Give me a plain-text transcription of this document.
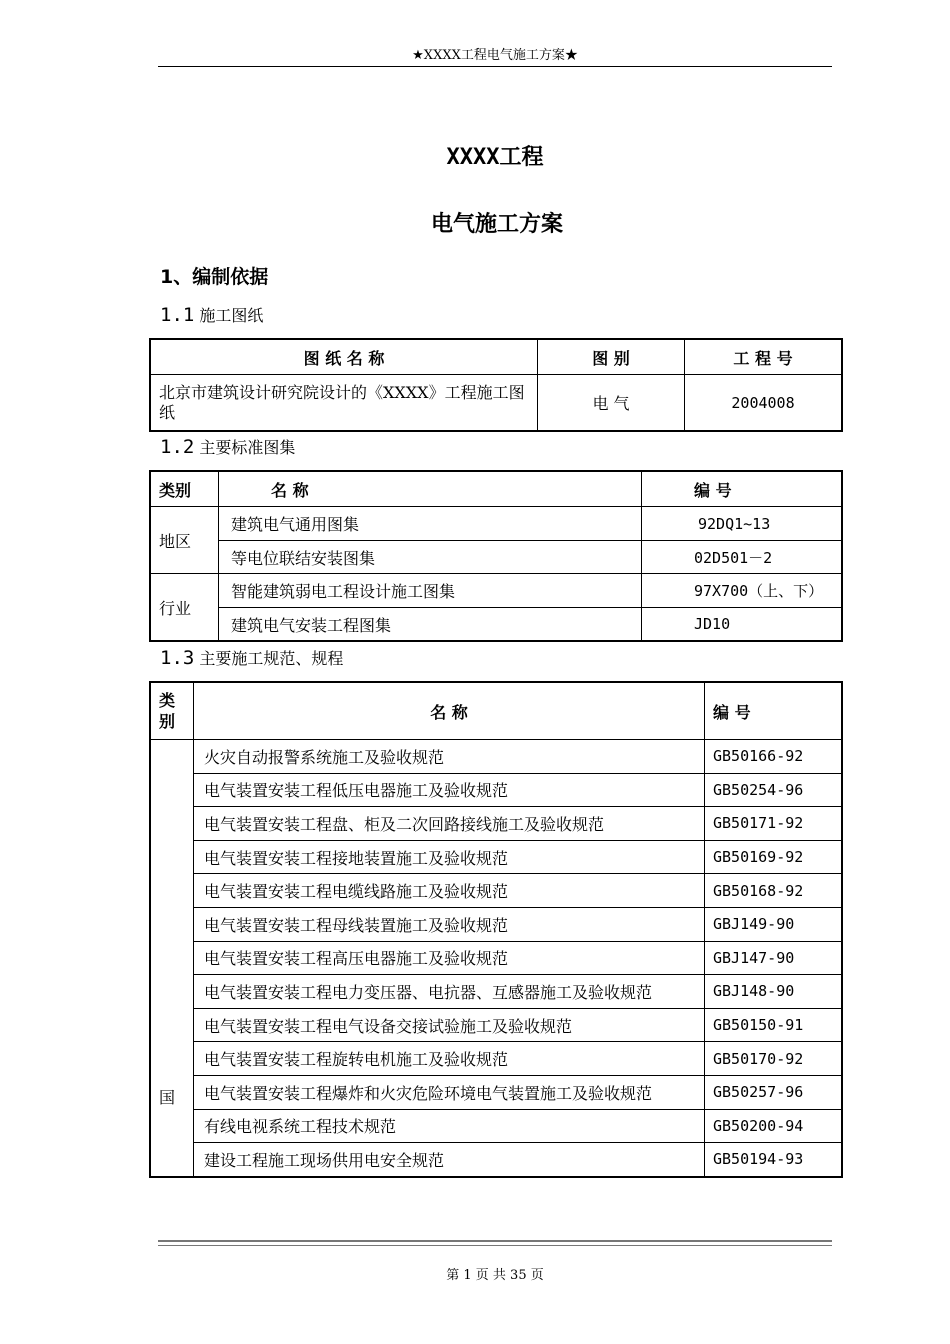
★XXXX工程电气施工方案★
XXXX工程
电气施工方案
1、编制依据
1.1 施工图纸
图 纸 名 称	图 别	工 程 号
北京市建筑设计研究院设计的《XXXX》工程施工图纸	电 气	2004008
1.2 主要标准图集
类别	名 称	编 号
地区	建筑电气通用图集	92DQ1~13
	等电位联结安装图集	02D501－2
行业	智能建筑弱电工程设计施工图集	97X700（上、下）
	建筑电气安装工程图集	JD10
1.3 主要施工规范、规程
类别	名 称	编 号
国	火灾自动报警系统施工及验收规范	GB50166-92
	电气装置安装工程低压电器施工及验收规范	GB50254-96
	电气装置安装工程盘、柜及二次回路接线施工及验收规范	GB50171-92
	电气装置安装工程接地装置施工及验收规范	GB50169-92
	电气装置安装工程电缆线路施工及验收规范	GB50168-92
	电气装置安装工程母线装置施工及验收规范	GBJ149-90
	电气装置安装工程高压电器施工及验收规范	GBJ147-90
	电气装置安装工程电力变压器、电抗器、互感器施工及验收规范	GBJ148-90
	电气装置安装工程电气设备交接试验施工及验收规范	GB50150-91
	电气装置安装工程旋转电机施工及验收规范	GB50170-92
	电气装置安装工程爆炸和火灾危险环境电气装置施工及验收规范	GB50257-96
	有线电视系统工程技术规范	GB50200-94
	建设工程施工现场供用电安全规范	GB50194-93
第 1 页 共 35 页
